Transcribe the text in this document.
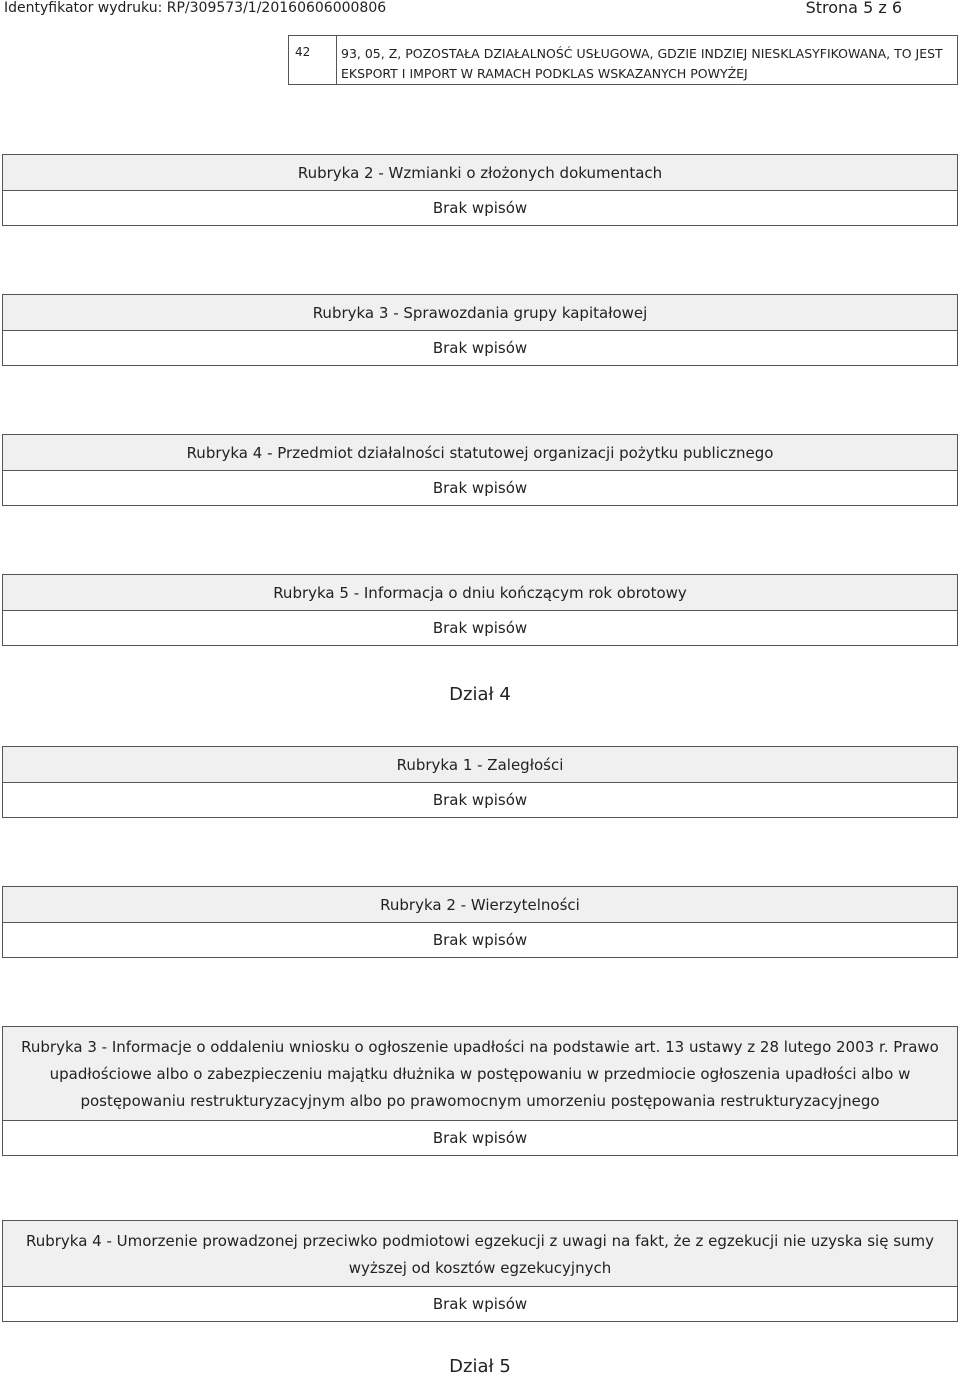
Identyfikator wydruku: RP/309573/1/20160606000806	Strona 5 z 6
42	93, 05, Z, POZOSTAŁA DZIAŁALNOŚĆ USŁUGOWA, GDZIE INDZIEJ NIESKLASYFIKOWANA, TO JEST EKSPORT I IMPORT W RAMACH PODKLAS WSKAZANYCH POWYŻEJ
Rubryka 2 - Wzmianki o złożonych dokumentach
Brak wpisów
Rubryka 3 - Sprawozdania grupy kapitałowej
Brak wpisów
Rubryka 4 - Przedmiot działalności statutowej organizacji pożytku publicznego
Brak wpisów
Rubryka 5 - Informacja o dniu kończącym rok obrotowy
Brak wpisów
Dział 4
Rubryka 1 - Zaległości
Brak wpisów
Rubryka 2 - Wierzytelności
Brak wpisów
Rubryka 3 - Informacje o oddaleniu wniosku o ogłoszenie upadłości na podstawie art. 13 ustawy z 28 lutego 2003 r. Prawo upadłościowe albo o zabezpieczeniu majątku dłużnika w postępowaniu w przedmiocie ogłoszenia upadłości albo w postępowaniu restrukturyzacyjnym albo po prawomocnym umorzeniu postępowania restrukturyzacyjnego
Brak wpisów
Rubryka 4 - Umorzenie prowadzonej przeciwko podmiotowi egzekucji z uwagi na fakt, że z egzekucji nie uzyska się sumy wyższej od kosztów egzekucyjnych
Brak wpisów
Dział 5
